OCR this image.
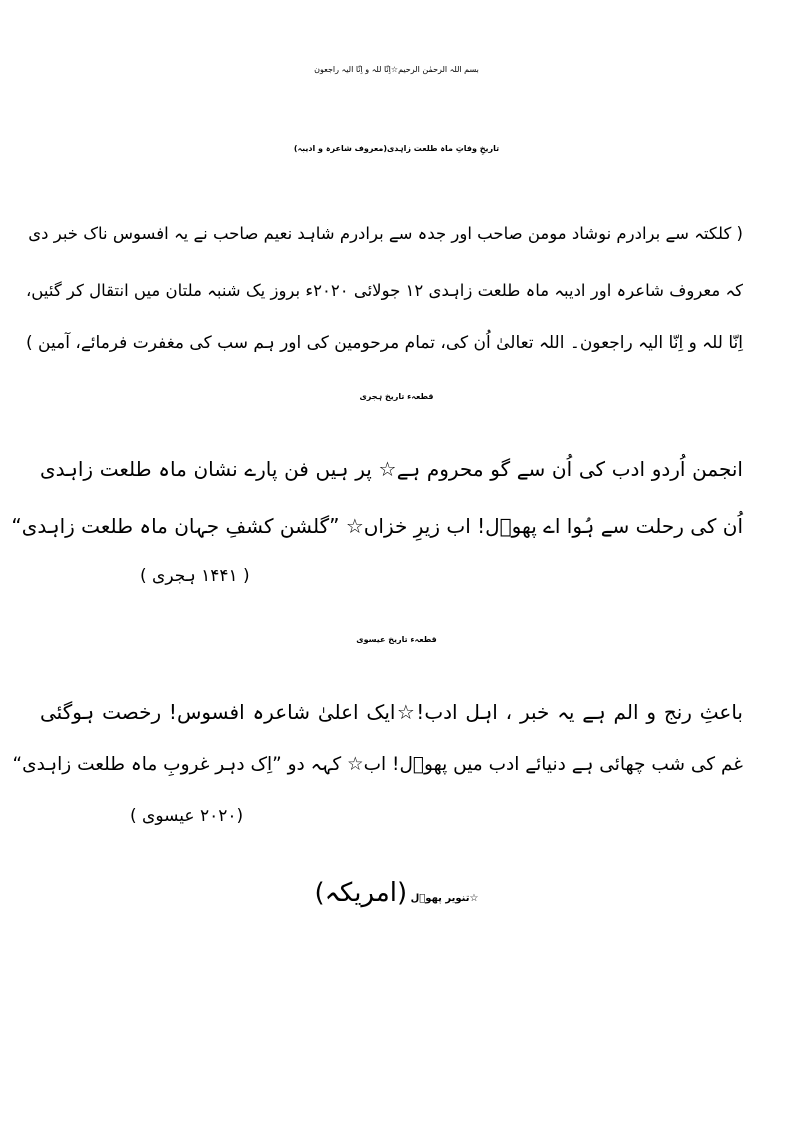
بسم اللہ الرحمٰن الرحیم☆اِنّا للہ و اِنّا الیہ راجعون
تاریخِ وفاتِ ماہ طلعت زاہدی(معروف شاعرہ و ادیبہ)
( کلکتہ سے برادرم نوشاد مومن صاحب اور جدہ سے برادرم شاہد نعیم صاحب نے یہ افسوس ناک خبر دی
کہ معروف شاعرہ اور ادیبہ ماہ طلعت زاہدی ۱۲ جولائی ۲۰۲۰ء بروز یک شنبہ ملتان میں انتقال کر گئیں،
اِنّا للہ و اِنّا الیہ راجعون۔ اللہ تعالیٰ اُن کی، تمام مرحومین کی اور ہم سب کی مغفرت فرمائے، آمین )
قطعہء تاریخ ہجری
انجمن اُردو ادب کی اُن سے گو محروم ہے☆ پر ہیں فن پارے نشان ماہ طلعت زاہدی
اُن کی رحلت سے ہُوا اے پھوؔل! اب زیرِ خزاں☆ ”گلشن کشفِ جہان ماہ طلعت زاہدی“
( ۱۴۴۱ ہجری )
قطعہء تاریخ عیسوی
باعثِ رنج و الم ہے یہ خبر ، اہل ادب!☆ایک اعلیٰ شاعرہ افسوس! رخصت ہوگئی
غم کی شب چھائی ہے دنیائے ادب میں پھوؔل! اب☆ کہہ دو ”اِک دہر غروبِ ماہ طلعت زاہدی“
(۲۰۲۰ عیسوی )
☆تنویر پھوؔل (امریکہ)
